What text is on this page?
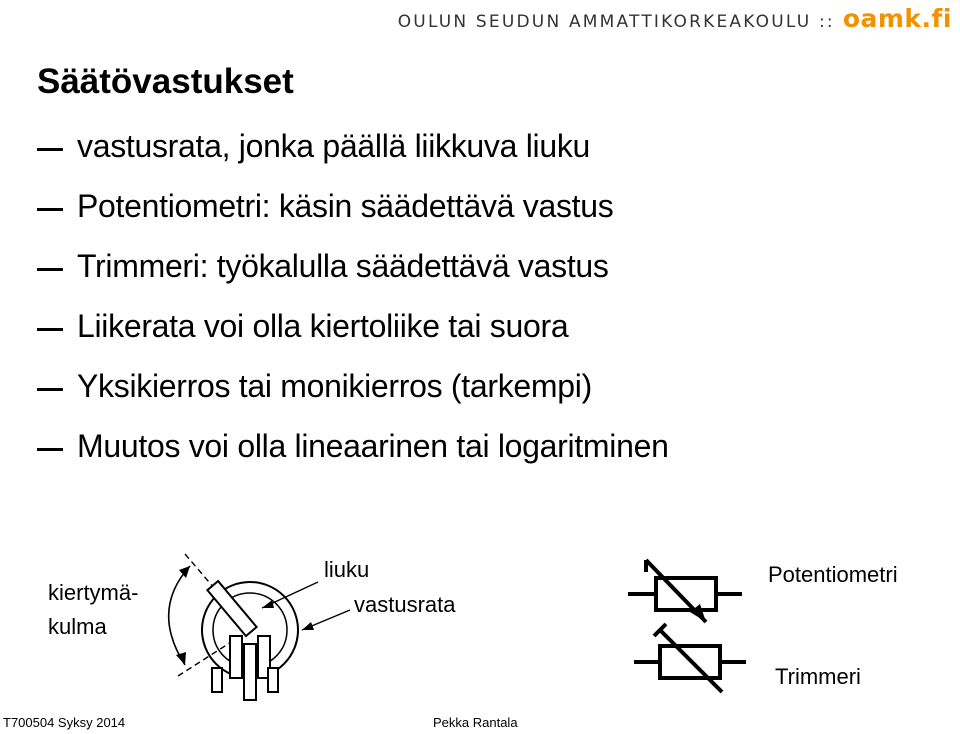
OULUN SEUDUN AMMATTIKORKEAKOULU :: oamk.fi
Säätövastukset
vastusrata, jonka päällä liikkuva liuku
Potentiometri: käsin säädettävä vastus
Trimmeri: työkalulla säädettävä vastus
Liikerata voi olla kiertoliike tai suora
Yksikierros tai monikierros (tarkempi)
Muutos voi olla lineaarinen tai logaritminen
kiertymä-
kulma
liuku
vastusrata
Potentiometri
Trimmeri
T700504 Syksy 2014	Pekka Rantala
